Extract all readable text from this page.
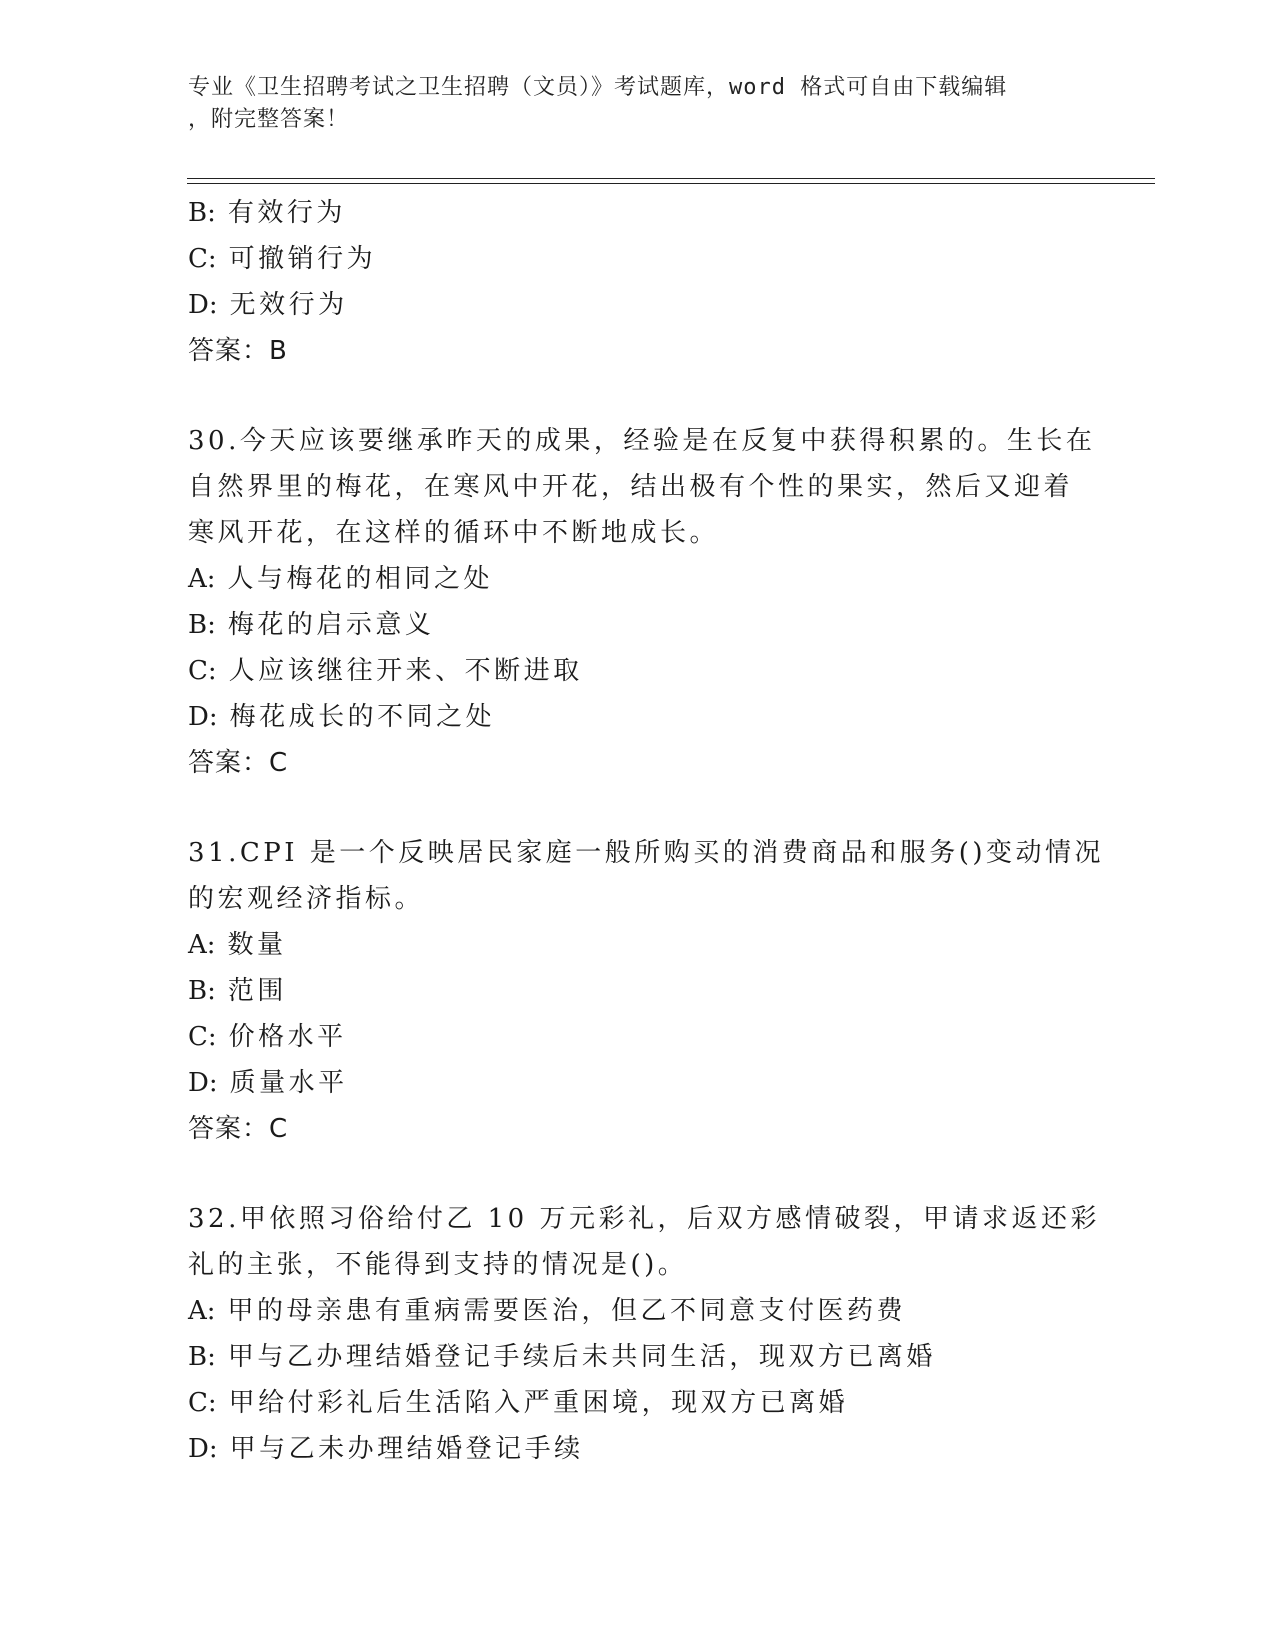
专业《卫生招聘考试之卫生招聘（文员）》考试题库，word 格式可自由下载编辑
，附完整答案！
B: 有效行为
C: 可撤销行为
D: 无效行为
答案：B
30.今天应该要继承昨天的成果，经验是在反复中获得积累的。生长在
自然界里的梅花，在寒风中开花，结出极有个性的果实，然后又迎着
寒风开花，在这样的循环中不断地成长。
A: 人与梅花的相同之处
B: 梅花的启示意义
C: 人应该继往开来、不断进取
D: 梅花成长的不同之处
答案：C
31.CPI 是一个反映居民家庭一般所购买的消费商品和服务()变动情况
的宏观经济指标。
A: 数量
B: 范围
C: 价格水平
D: 质量水平
答案：C
32.甲依照习俗给付乙 10 万元彩礼，后双方感情破裂，甲请求返还彩
礼的主张，不能得到支持的情况是()。
A: 甲的母亲患有重病需要医治，但乙不同意支付医药费
B: 甲与乙办理结婚登记手续后未共同生活，现双方已离婚
C: 甲给付彩礼后生活陷入严重困境，现双方已离婚
D: 甲与乙未办理结婚登记手续
